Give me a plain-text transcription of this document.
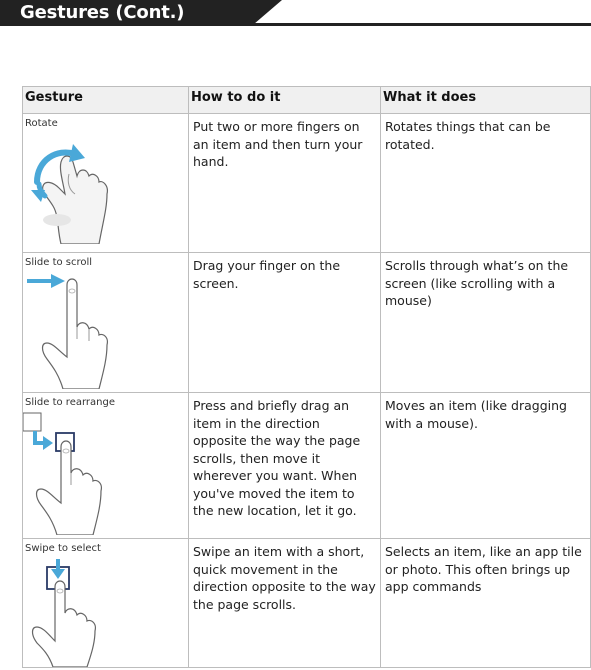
Gestures (Cont.)
Gesture	How to do it	What it does

Rotate	Put two or more fingers on an item and then turn your hand.	Rotates things that can be rotated.

Slide to scroll	Drag your finger on the screen.	Scrolls through what’s on the screen (like scrolling with a mouse)

Slide to rearrange	Press and briefly drag an item in the direction opposite the way the page scrolls, then move it wherever you want. When you've moved the item to the new location, let it go.	Moves an item (like dragging with a mouse).

Swipe to select	Swipe an item with a short, quick movement in the direction opposite to the way the page scrolls.	Selects an item, like an app tile or photo. This often brings up app commands
